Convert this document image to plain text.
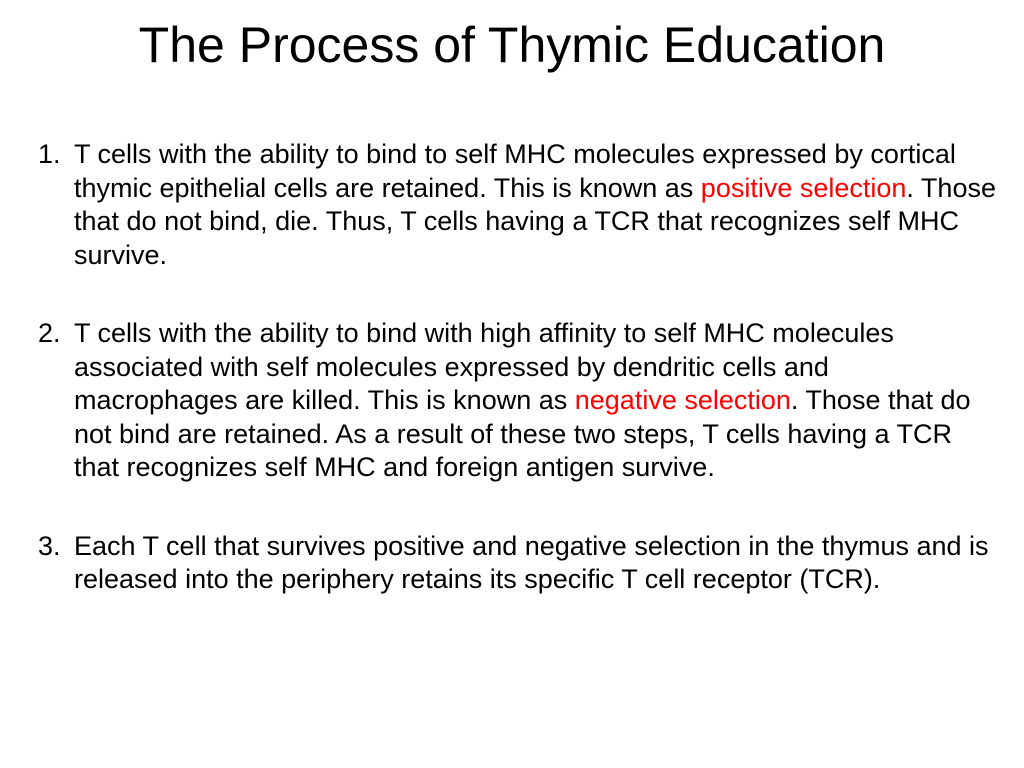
The Process of Thymic Education
1. T cells with the ability to bind to self MHC molecules expressed by cortical thymic epithelial cells are retained. This is known as positive selection. Those that do not bind, die. Thus, T cells having a TCR that recognizes self MHC survive.
2. T cells with the ability to bind with high affinity to self MHC molecules associated with self molecules expressed by dendritic cells and macrophages are killed. This is known as negative selection. Those that do not bind are retained. As a result of these two steps, T cells having a TCR that recognizes self MHC and foreign antigen survive.
3. Each T cell that survives positive and negative selection in the thymus and is released into the periphery retains its specific T cell receptor (TCR).
